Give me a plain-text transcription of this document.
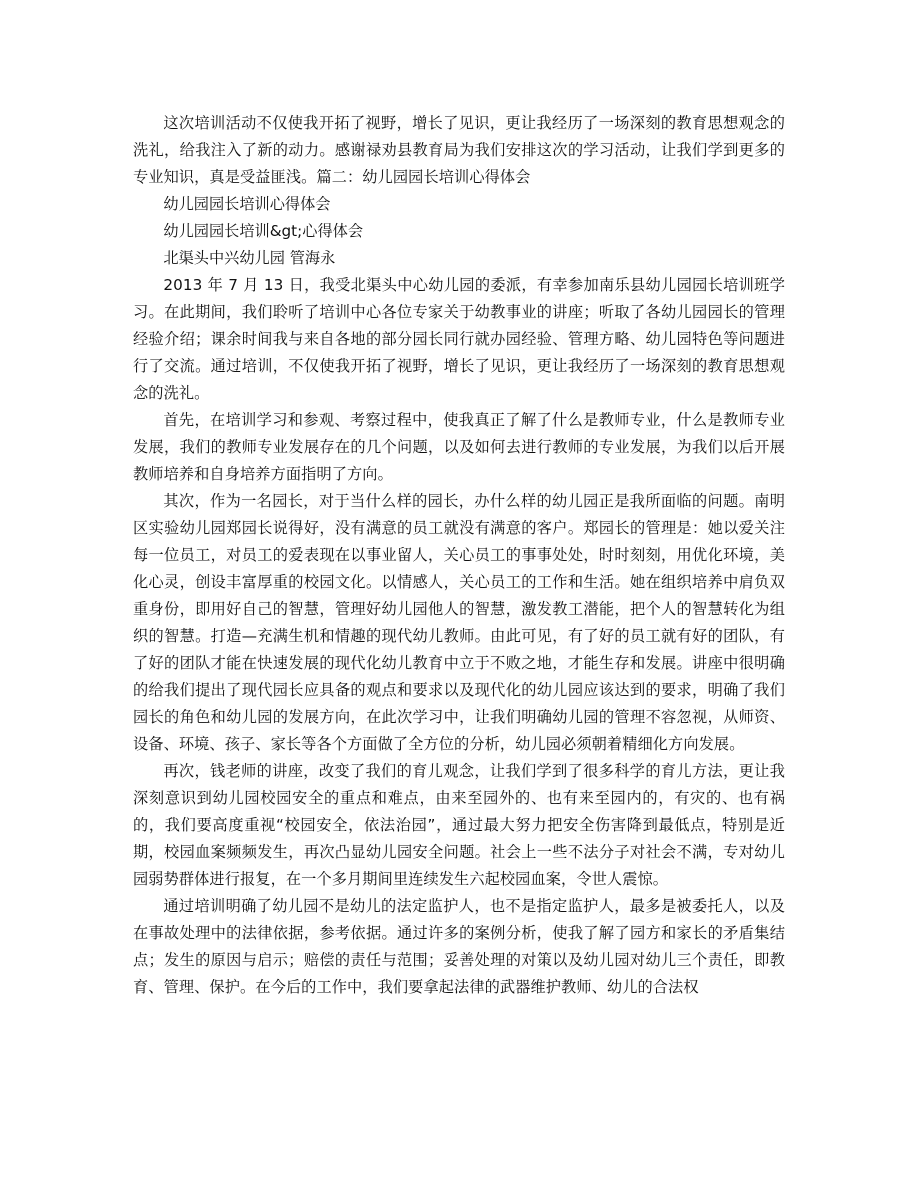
这次培训活动不仅使我开拓了视野，增长了见识，更让我经历了一场深刻的教育思想观念的洗礼，给我注入了新的动力。感谢禄劝县教育局为我们安排这次的学习活动，让我们学到更多的专业知识，真是受益匪浅。篇二：幼儿园园长培训心得体会

幼儿园园长培训心得体会

幼儿园园长培训&gt;心得体会

北渠头中兴幼儿园 管海永

2013 年 7 月 13 日，我受北渠头中心幼儿园的委派，有幸参加南乐县幼儿园园长培训班学习。在此期间，我们聆听了培训中心各位专家关于幼教事业的讲座；听取了各幼儿园园长的管理经验介绍；课余时间我与来自各地的部分园长同行就办园经验、管理方略、幼儿园特色等问题进行了交流。通过培训，不仅使我开拓了视野，增长了见识，更让我经历了一场深刻的教育思想观念的洗礼。

首先，在培训学习和参观、考察过程中，使我真正了解了什么是教师专业，什么是教师专业发展，我们的教师专业发展存在的几个问题，以及如何去进行教师的专业发展，为我们以后开展教师培养和自身培养方面指明了方向。

其次，作为一名园长，对于当什么样的园长，办什么样的幼儿园正是我所面临的问题。南明区实验幼儿园郑园长说得好，没有满意的员工就没有满意的客户。郑园长的管理是：她以爱关注每一位员工，对员工的爱表现在以事业留人，关心员工的事事处处，时时刻刻，用优化环境，美化心灵，创设丰富厚重的校园文化。以情感人，关心员工的工作和生活。她在组织培养中肩负双重身份，即用好自己的智慧，管理好幼儿园他人的智慧，激发教工潜能，把个人的智慧转化为组织的智慧。打造—充满生机和情趣的现代幼儿教师。由此可见，有了好的员工就有好的团队，有了好的团队才能在快速发展的现代化幼儿教育中立于不败之地，才能生存和发展。讲座中很明确的给我们提出了现代园长应具备的观点和要求以及现代化的幼儿园应该达到的要求，明确了我们园长的角色和幼儿园的发展方向，在此次学习中，让我们明确幼儿园的管理不容忽视，从师资、设备、环境、孩子、家长等各个方面做了全方位的分析，幼儿园必须朝着精细化方向发展。

再次，钱老师的讲座，改变了我们的育儿观念，让我们学到了很多科学的育儿方法，更让我深刻意识到幼儿园校园安全的重点和难点，由来至园外的、也有来至园内的，有灾的、也有祸的，我们要高度重视“校园安全，依法治园”，通过最大努力把安全伤害降到最低点，特别是近期，校园血案频频发生，再次凸显幼儿园安全问题。社会上一些不法分子对社会不满，专对幼儿园弱势群体进行报复，在一个多月期间里连续发生六起校园血案，令世人震惊。

通过培训明确了幼儿园不是幼儿的法定监护人，也不是指定监护人，最多是被委托人，以及在事故处理中的法律依据，参考依据。通过许多的案例分析，使我了解了园方和家长的矛盾集结点；发生的原因与启示；赔偿的责任与范围；妥善处理的对策以及幼儿园对幼儿三个责任，即教育、管理、保护。在今后的工作中，我们要拿起法律的武器维护教师、幼儿的合法权
